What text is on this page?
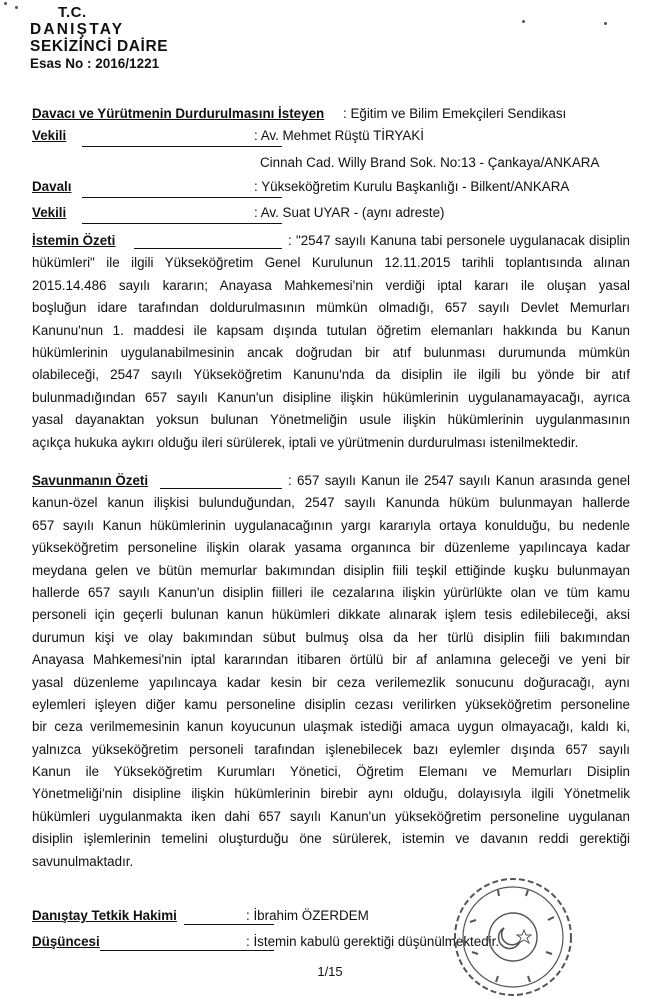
T.C.
DANIŞTAY
SEKİZİNCİ DAİRE
Esas No : 2016/1221
Davacı ve Yürütmenin Durdurulmasını İsteyen : Eğitim ve Bilim Emekçileri Sendikası
Vekili	: Av. Mehmet Rüştü TİRYAKİ
Cinnah Cad. Willy Brand Sok. No:13 - Çankaya/ANKARA
Davalı	: Yükseköğretim Kurulu Başkanlığı - Bilkent/ANKARA
Vekili	: Av. Suat UYAR - (aynı adreste)
İstemin Özeti	: "2547 sayılı Kanuna tabi personele uygulanacak disiplin
hükümleri" ile ilgili Yükseköğretim Genel Kurulunun 12.11.2015 tarihli toplantısında alınan
2015.14.486 sayılı kararın; Anayasa Mahkemesi'nin verdiği iptal kararı ile oluşan yasal
boşluğun idare tarafından doldurulmasının mümkün olmadığı, 657 sayılı Devlet Memurları
Kanunu'nun 1. maddesi ile kapsam dışında tutulan öğretim elemanları hakkında bu Kanun
hükümlerinin uygulanabilmesinin ancak doğrudan bir atıf bulunması durumunda mümkün
olabileceği, 2547 sayılı Yükseköğretim Kanunu'nda da disiplin ile ilgili bu yönde bir atıf
bulunmadığından 657 sayılı Kanun'un disipline ilişkin hükümlerinin uygulanamayacağı, ayrıca
yasal dayanaktan yoksun bulunan Yönetmeliğin usule ilişkin hükümlerinin uygulanmasının
açıkça hukuka aykırı olduğu ileri sürülerek, iptali ve yürütmenin durdurulması istenilmektedir.
Savunmanın Özeti	: 657 sayılı Kanun ile 2547 sayılı Kanun arasında genel
kanun-özel kanun ilişkisi bulunduğundan, 2547 sayılı Kanunda hüküm bulunmayan hallerde
657 sayılı Kanun hükümlerinin uygulanacağının yargı kararıyla ortaya konulduğu, bu nedenle
yükseköğretim personeline ilişkin olarak yasama organınca bir düzenleme yapılıncaya kadar
meydana gelen ve bütün memurlar bakımından disiplin fiili teşkil ettiğinde kuşku bulunmayan
hallerde 657 sayılı Kanun'un disiplin fiilleri ile cezalarına ilişkin yürürlükte olan ve tüm kamu
personeli için geçerli bulunan kanun hükümleri dikkate alınarak işlem tesis edilebileceği, aksi
durumun kişi ve olay bakımından sübut bulmuş olsa da her türlü disiplin fiili bakımından
Anayasa Mahkemesi'nin iptal kararından itibaren örtülü bir af anlamına geleceği ve yeni bir
yasal düzenleme yapılıncaya kadar kesin bir ceza verilemezlik sonucunu doğuracağı, aynı
eylemleri işleyen diğer kamu personeline disiplin cezası verilirken yükseköğretim personeline
bir ceza verilmemesinin kanun koyucunun ulaşmak istediği amaca uygun olmayacağı, kaldı ki,
yalnızca yükseköğretim personeli tarafından işlenebilecek bazı eylemler dışında 657 sayılı
Kanun ile Yükseköğretim Kurumları Yönetici, Öğretim Elemanı ve Memurları Disiplin
Yönetmeliği'nin disipline ilişkin hükümlerinin birebir aynı olduğu, dolayısıyla ilgili Yönetmelik
hükümleri uygulanmakta iken dahi 657 sayılı Kanun'un yükseköğretim personeline uygulanan
disiplin işlemlerinin temelini oluşturduğu öne sürülerek, istemin ve davanın reddi gerektiği
savunulmaktadır.
Danıştay Tetkik Hakimi	: İbrahim ÖZERDEM
Düşüncesi	: İstemin kabulü gerektiği düşünülmektedir.
1/15
